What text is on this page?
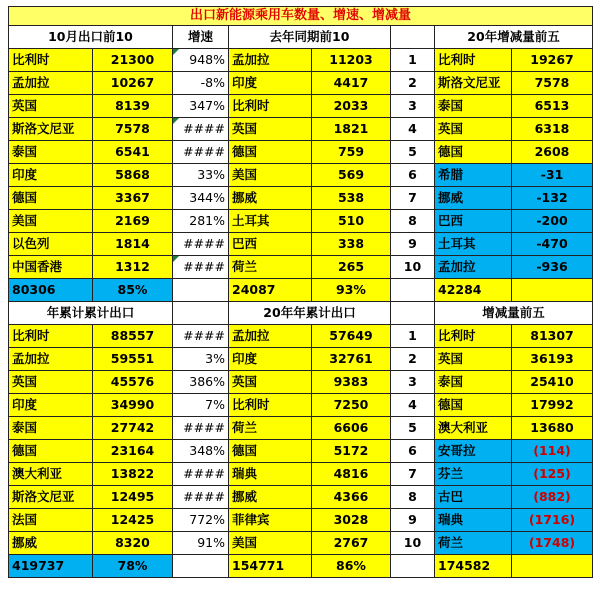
出口新能源乘用车数量、增速、增减量							
10月出口前10		增速	去年同期前10			20年增减量前五	
比利时	21300	948%	孟加拉	11203	1	比利时	19267
孟加拉	10267	-8%	印度	4417	2	斯洛文尼亚	7578
英国	8139	347%	比利时	2033	3	泰国	6513
斯洛文尼亚	7578	####	英国	1821	4	英国	6318
泰国	6541	####	德国	759	5	德国	2608
印度	5868	33%	美国	569	6	希腊	-31
德国	3367	344%	挪威	538	7	挪威	-132
美国	2169	281%	土耳其	510	8	巴西	-200
以色列	1814	####	巴西	338	9	土耳其	-470
中国香港	1312	####	荷兰	265	10	孟加拉	-936
80306	85%		24087	93%		42284	
年累计累计出口			20年年累计出口			增减量前五	
比利时	88557	####	孟加拉	57649	1	比利时	81307
孟加拉	59551	3%	印度	32761	2	英国	36193
英国	45576	386%	英国	9383	3	泰国	25410
印度	34990	7%	比利时	7250	4	德国	17992
泰国	27742	####	荷兰	6606	5	澳大利亚	13680
德国	23164	348%	德国	5172	6	安哥拉	(114)
澳大利亚	13822	####	瑞典	4816	7	芬兰	(125)
斯洛文尼亚	12495	####	挪威	4366	8	古巴	(882)
法国	12425	772%	菲律宾	3028	9	瑞典	(1716)
挪威	8320	91%	美国	2767	10	荷兰	(1748)
419737	78%		154771	86%		174582	
